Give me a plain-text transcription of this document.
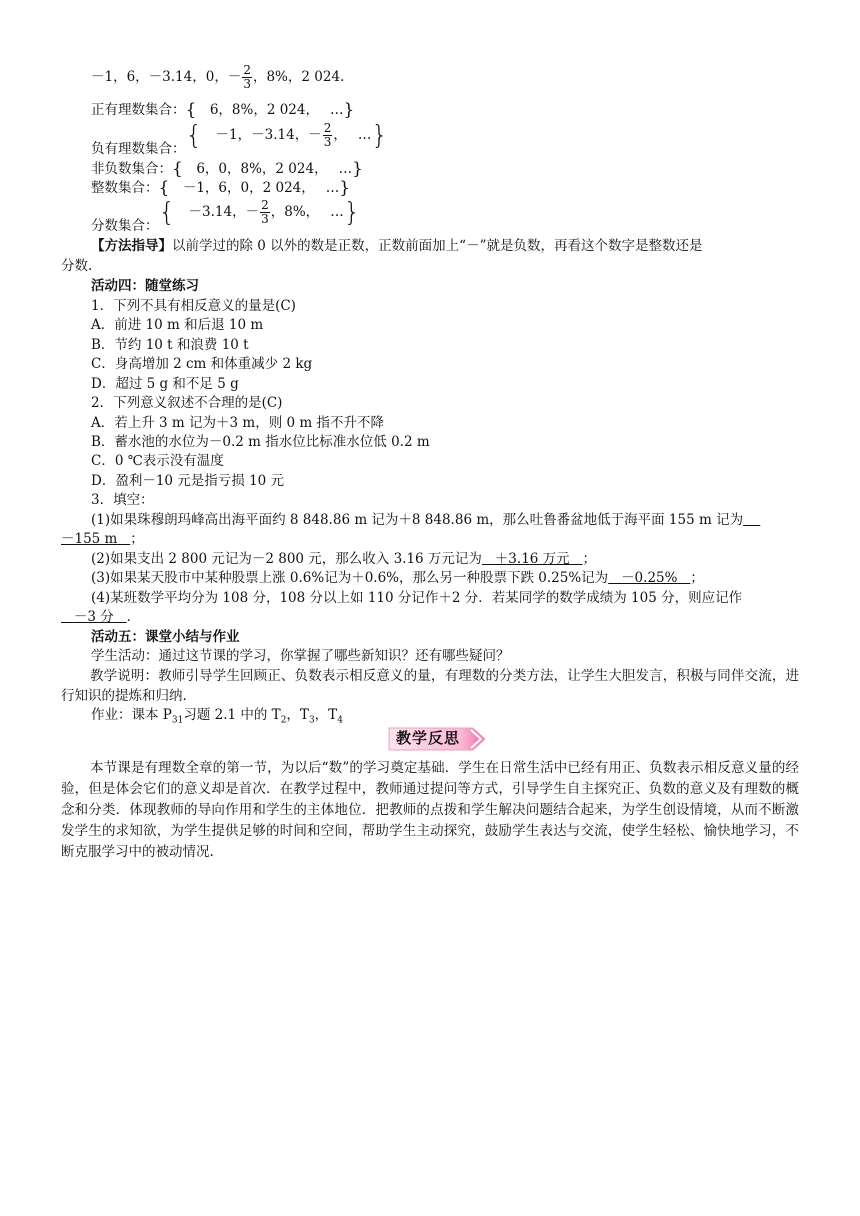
－1，6，－3.14，0，－ $\frac{2}{3}$ ，8%，2 024.
正有理数集合：{　 6，8%，2 024，　 …}
负有理数集合：{　 －1，－3.14，－ $\frac{2}{3}$ ，　 …}
非负数集合：{　 6，0，8%，2 024，　 …}
整数集合：{　 －1，6，0，2 024，　 …}
分数集合：{　 －3.14，－ $\frac{2}{3}$ ，8%，　 …}
【方法指导】以前学过的除 0 以外的数是正数，正数前面加上“－”就是负数，再看这个数字是整数还是
分数.
活动四：随堂练习
1．下列不具有相反意义的量是(C)
A．前进 10 m 和后退 10 m
B．节约 10 t 和浪费 10 t
C．身高增加 2 cm 和体重减少 2 kg
D．超过 5 g 和不足 5 g
2．下列意义叙述不合理的是(C)
A．若上升 3 m 记为＋3 m，则 0 m 指不升不降
B．蓄水池的水位为－0.2 m 指水位比标准水位低 0.2 m
C．0 ℃表示没有温度
D．盈利－10 元是指亏损 10 元
3．填空：
(1)如果珠穆朗玛峰高出海平面约 8 848.86 m 记为＋8 848.86 m，那么吐鲁番盆地低于海平面 155 m 记为
－155 m ；
(2)如果支出 2 800 元记为－2 800 元，那么收入 3.16 万元记为 ＋3.16 万元 ；
(3)如果某天股市中某种股票上涨 0.6%记为＋0.6%，那么另一种股票下跌 0.25%记为 －0.25% ；
(4)某班数学平均分为 108 分，108 分以上如 110 分记作＋2 分．若某同学的数学成绩为 105 分，则应记作
－3 分 ．
活动五：课堂小结与作业
学生活动：通过这节课的学习，你掌握了哪些新知识？还有哪些疑问？
教学说明：教师引导学生回顾正、负数表示相反意义的量，有理数的分类方法，让学生大胆发言，积极与同伴交流，进行知识的提炼和归纳.
作业：课本 $P_{31}$习题 2.1 中的 $T_2$，$T_3$，$T_4$
教学反思
本节课是有理数全章的第一节，为以后“数”的学习奠定基础．学生在日常生活中已经有用正、负数表示相反意义量的经验，但是体会它们的意义却是首次．在教学过程中，教师通过提问等方式，引导学生自主探究正、负数的意义及有理数的概念和分类．体现教师的导向作用和学生的主体地位．把教师的点拨和学生解决问题结合起来，为学生创设情境，从而不断激发学生的求知欲，为学生提供足够的时间和空间，帮助学生主动探究，鼓励学生表达与交流，使学生轻松、愉快地学习，不断克服学习中的被动情况.
